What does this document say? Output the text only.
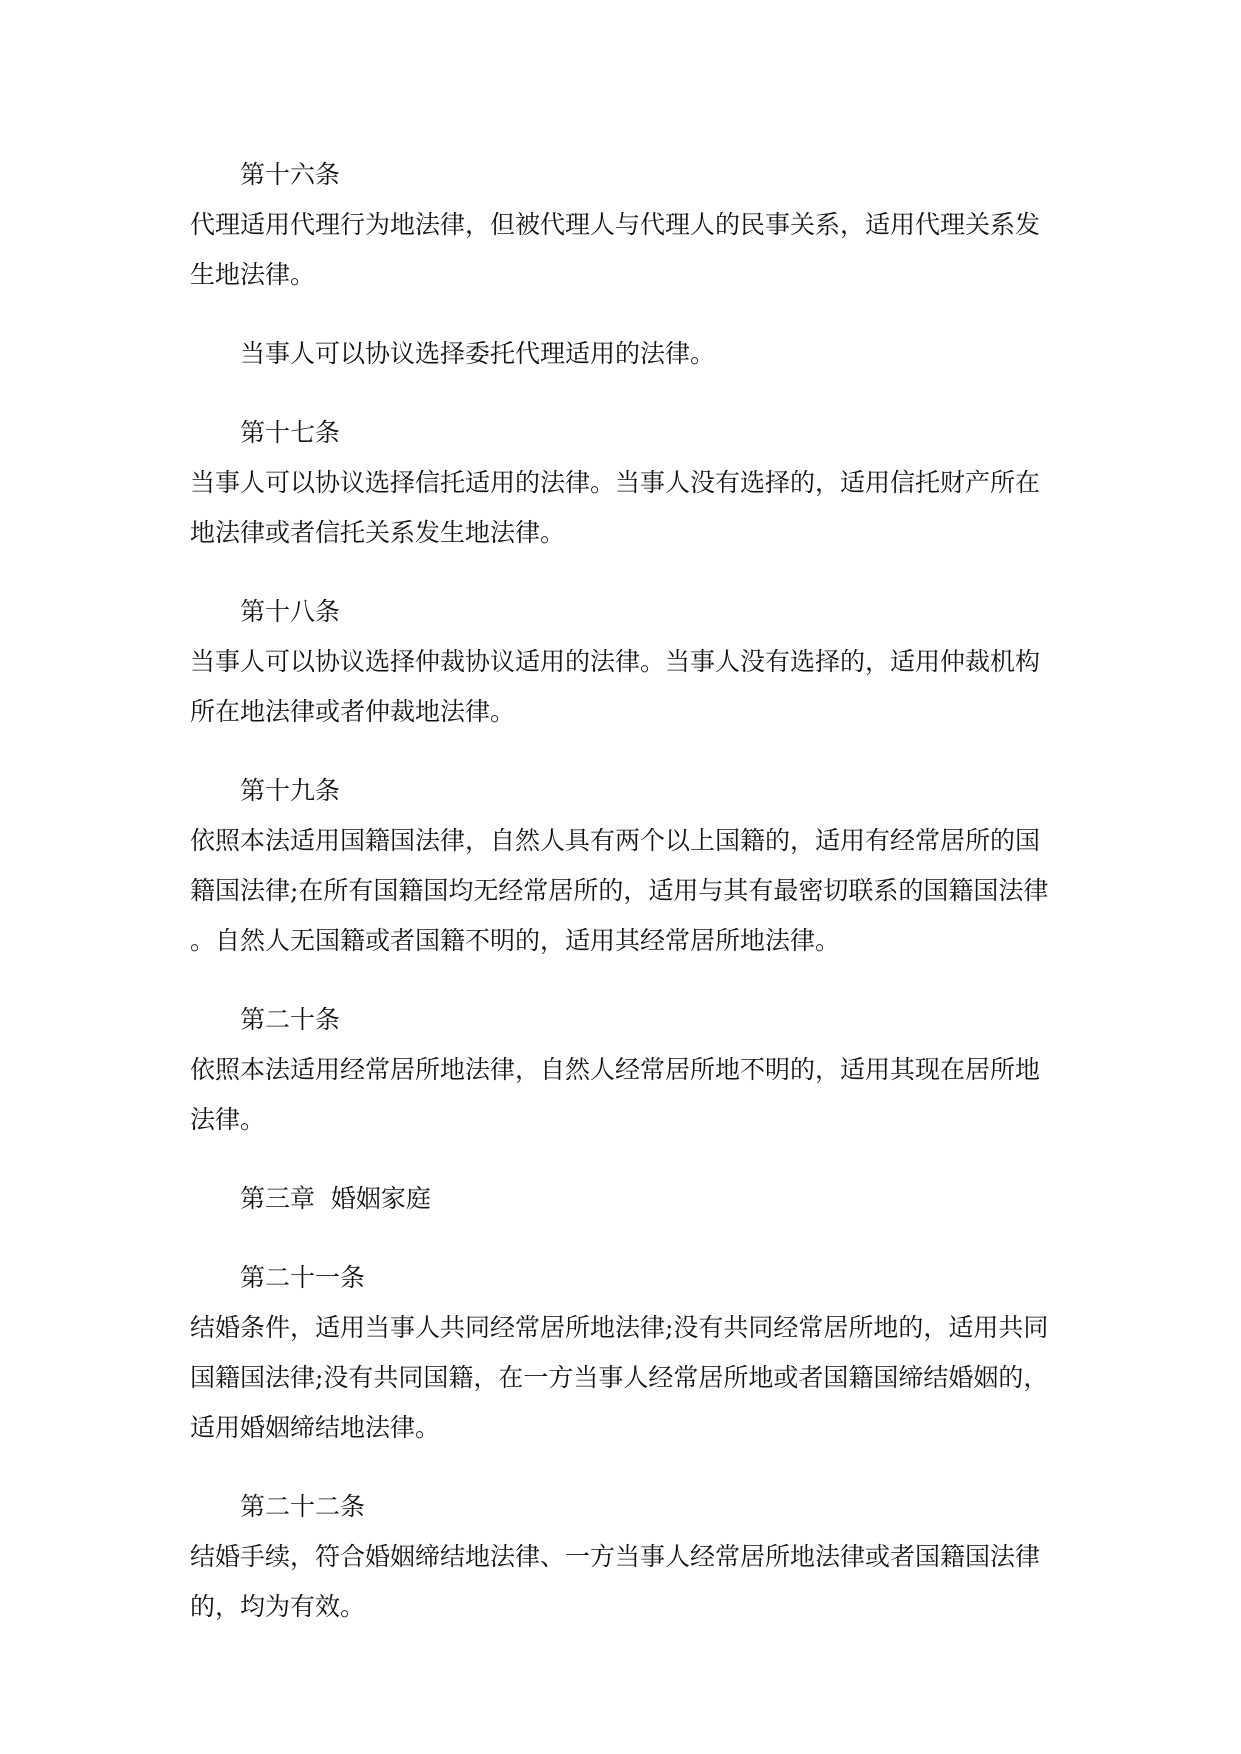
第十六条
代理适用代理行为地法律，但被代理人与代理人的民事关系，适用代理关系发
生地法律。
当事人可以协议选择委托代理适用的法律。
第十七条
当事人可以协议选择信托适用的法律。当事人没有选择的，适用信托财产所在
地法律或者信托关系发生地法律。
第十八条
当事人可以协议选择仲裁协议适用的法律。当事人没有选择的，适用仲裁机构
所在地法律或者仲裁地法律。
第十九条
依照本法适用国籍国法律，自然人具有两个以上国籍的，适用有经常居所的国
籍国法律;在所有国籍国均无经常居所的，适用与其有最密切联系的国籍国法律
。自然人无国籍或者国籍不明的，适用其经常居所地法律。
第二十条
依照本法适用经常居所地法律，自然人经常居所地不明的，适用其现在居所地
法律。
第三章  婚姻家庭
第二十一条
结婚条件，适用当事人共同经常居所地法律;没有共同经常居所地的，适用共同
国籍国法律;没有共同国籍，在一方当事人经常居所地或者国籍国缔结婚姻的，
适用婚姻缔结地法律。
第二十二条
结婚手续，符合婚姻缔结地法律、一方当事人经常居所地法律或者国籍国法律
的，均为有效。
